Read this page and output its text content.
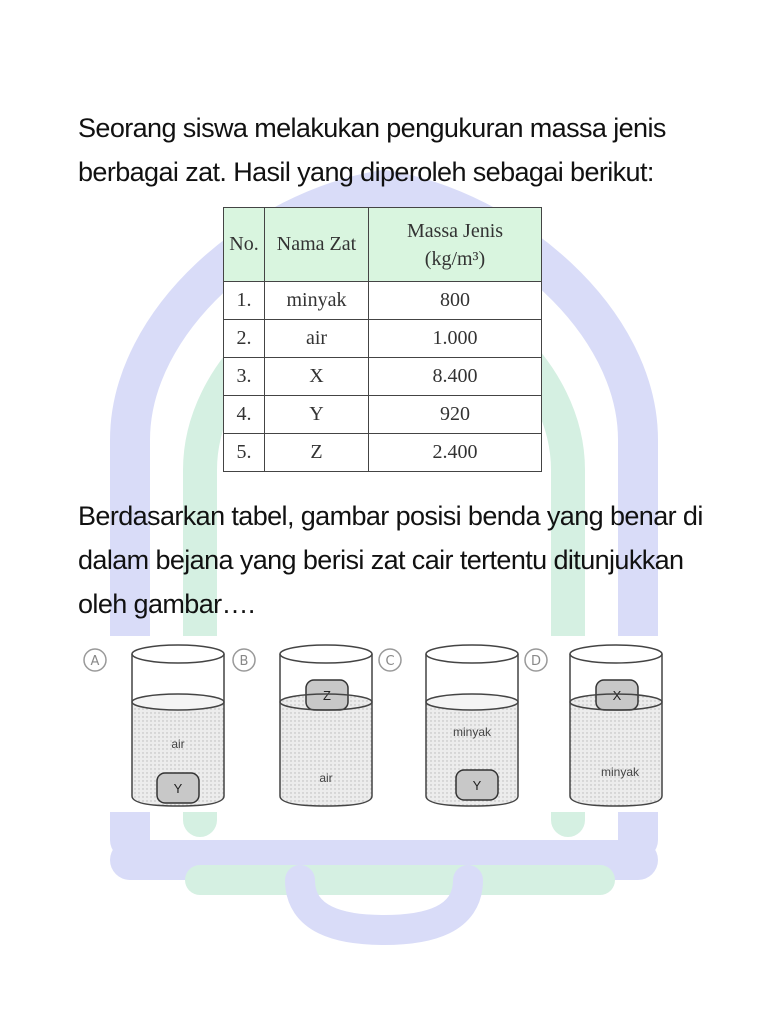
Seorang siswa melakukan pengukuran massa jenis
berbagai zat. Hasil yang diperoleh sebagai berikut:

No.	Nama Zat	Massa Jenis
(kg/m³)

1.	minyak	800
2.	air	1.000
3.	X	8.400
4.	Y	920
5.	Z	2.400

Berdasarkan tabel, gambar posisi benda yang benar di
dalam bejana yang berisi zat cair tertentu ditunjukkan
oleh gambar….

A
air
Y
B
Z
air
C
minyak
Y
D
X
minyak
